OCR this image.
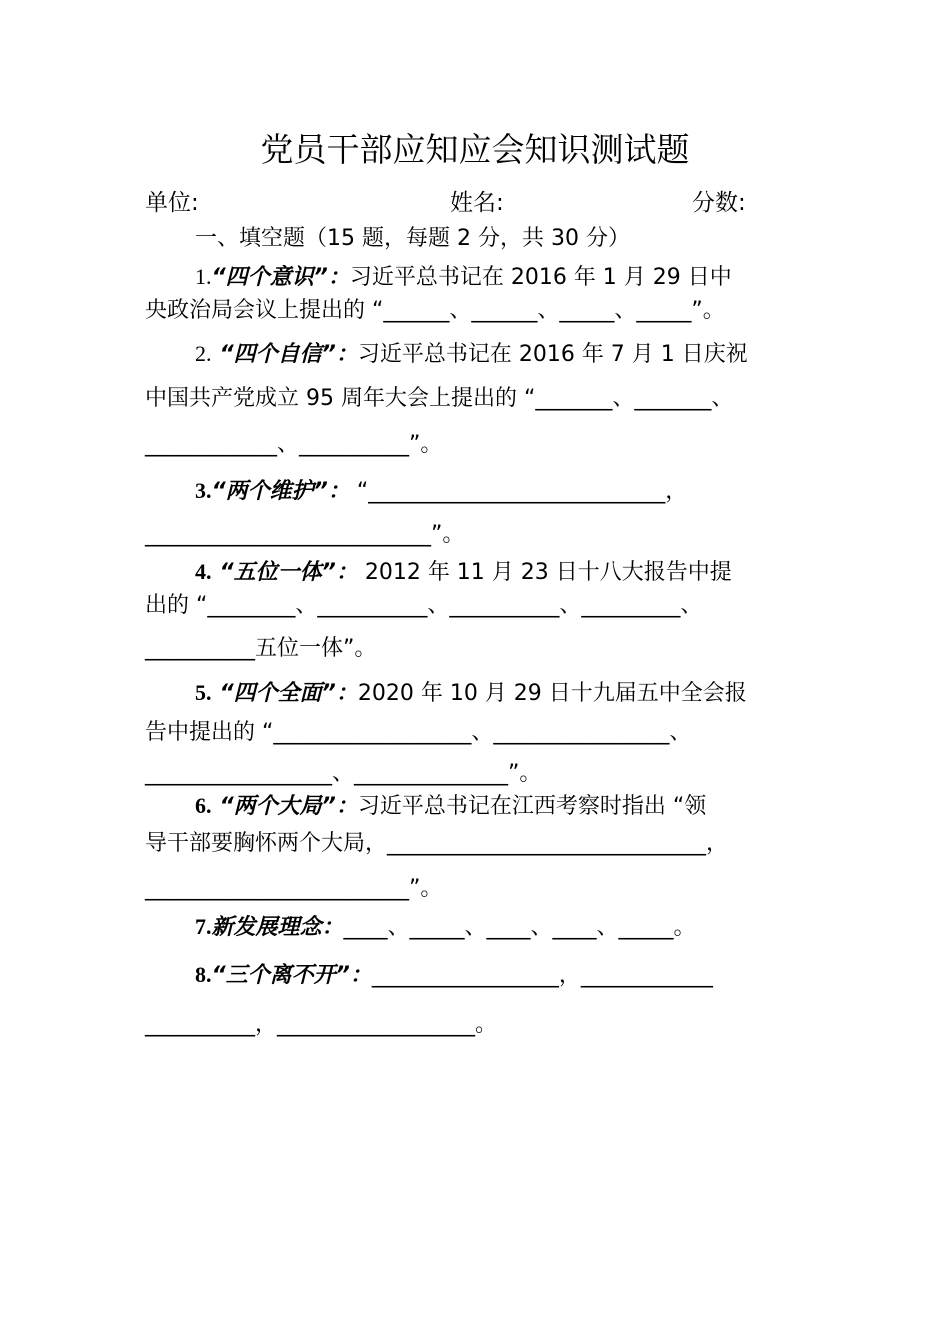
党员干部应知应会知识测试题
单位:	姓名:	分数:
一、填空题（15 题，每题 2 分，共 30 分）
1.“四个意识”：习近平总书记在 2016 年 1 月 29 日中
央政治局会议上提出的 “______、______、_____、_____”。
2. “四个自信”：习近平总书记在 2016 年 7 月 1 日庆祝
中国共产党成立 95 周年大会上提出的 “_______、_______、
____________、__________”。
3.“两个维护”： “___________________________，
__________________________”。
4. “五位一体”： 2012 年 11 月 23 日十八大报告中提
出的 “________、__________、__________、_________、
__________五位一体”。
5. “四个全面”：2020 年 10 月 29 日十九届五中全会报
告中提出的 “__________________、________________、
_________________、______________”。
6. “两个大局”：习近平总书记在江西考察时指出 “领
导干部要胸怀两个大局，_____________________________，
________________________”。
7.新发展理念：____、_____、____、____、_____。
8.“三个离不开”：_________________，____________
__________，__________________。
